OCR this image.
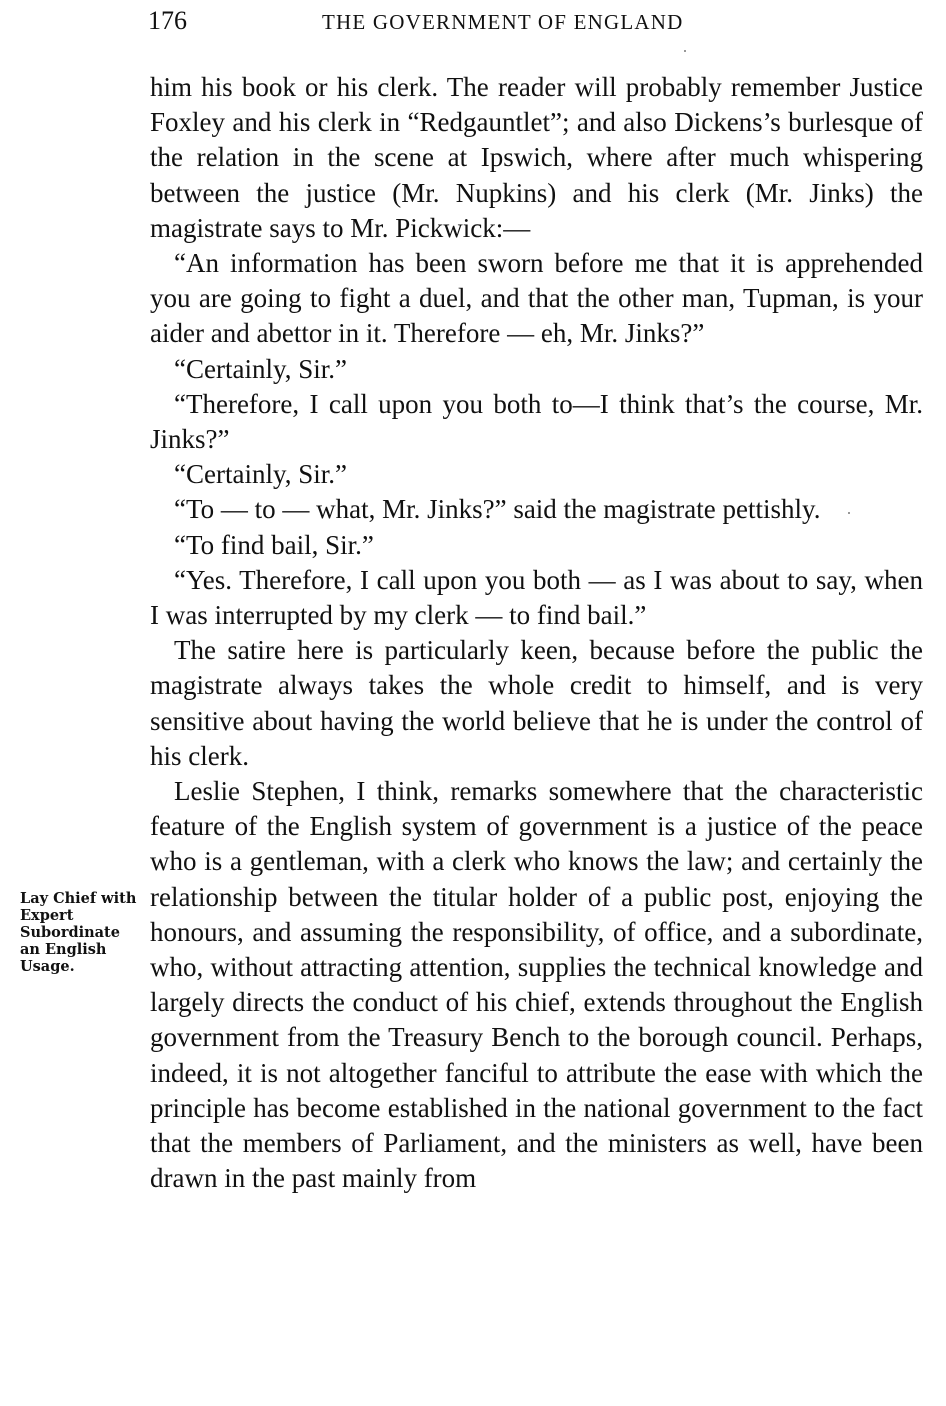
176	THE GOVERNMENT OF ENGLAND
Lay Chief with Expert Subordinate an English Usage.

him his book or his clerk. The reader will probably remember Justice Foxley and his clerk in “Redgauntlet”; and also Dickens’s burlesque of the relation in the scene at Ipswich, where after much whispering between the justice (Mr. Nupkins) and his clerk (Mr. Jinks) the magistrate says to Mr. Pickwick:—

“An information has been sworn before me that it is apprehended you are going to fight a duel, and that the other man, Tupman, is your aider and abettor in it. Therefore — eh, Mr. Jinks?”

“Certainly, Sir.”

“Therefore, I call upon you both to—I think that’s the course, Mr. Jinks?”

“Certainly, Sir.”

“To — to — what, Mr. Jinks?” said the magistrate pettishly.

“To find bail, Sir.”

“Yes. Therefore, I call upon you both — as I was about to say, when I was interrupted by my clerk — to find bail.”

The satire here is particularly keen, because before the public the magistrate always takes the whole credit to himself, and is very sensitive about having the world believe that he is under the control of his clerk.

Leslie Stephen, I think, remarks somewhere that the characteristic feature of the English system of government is a justice of the peace who is a gentleman, with a clerk who knows the law; and certainly the relationship between the titular holder of a public post, enjoying the honours, and assuming the responsibility, of office, and a subordinate, who, without attracting attention, supplies the technical knowledge and largely directs the conduct of his chief, extends throughout the English government from the Treasury Bench to the borough council. Perhaps, indeed, it is not altogether fanciful to attribute the ease with which the principle has become established in the national government to the fact that the members of Parliament, and the ministers as well, have been drawn in the past mainly from
